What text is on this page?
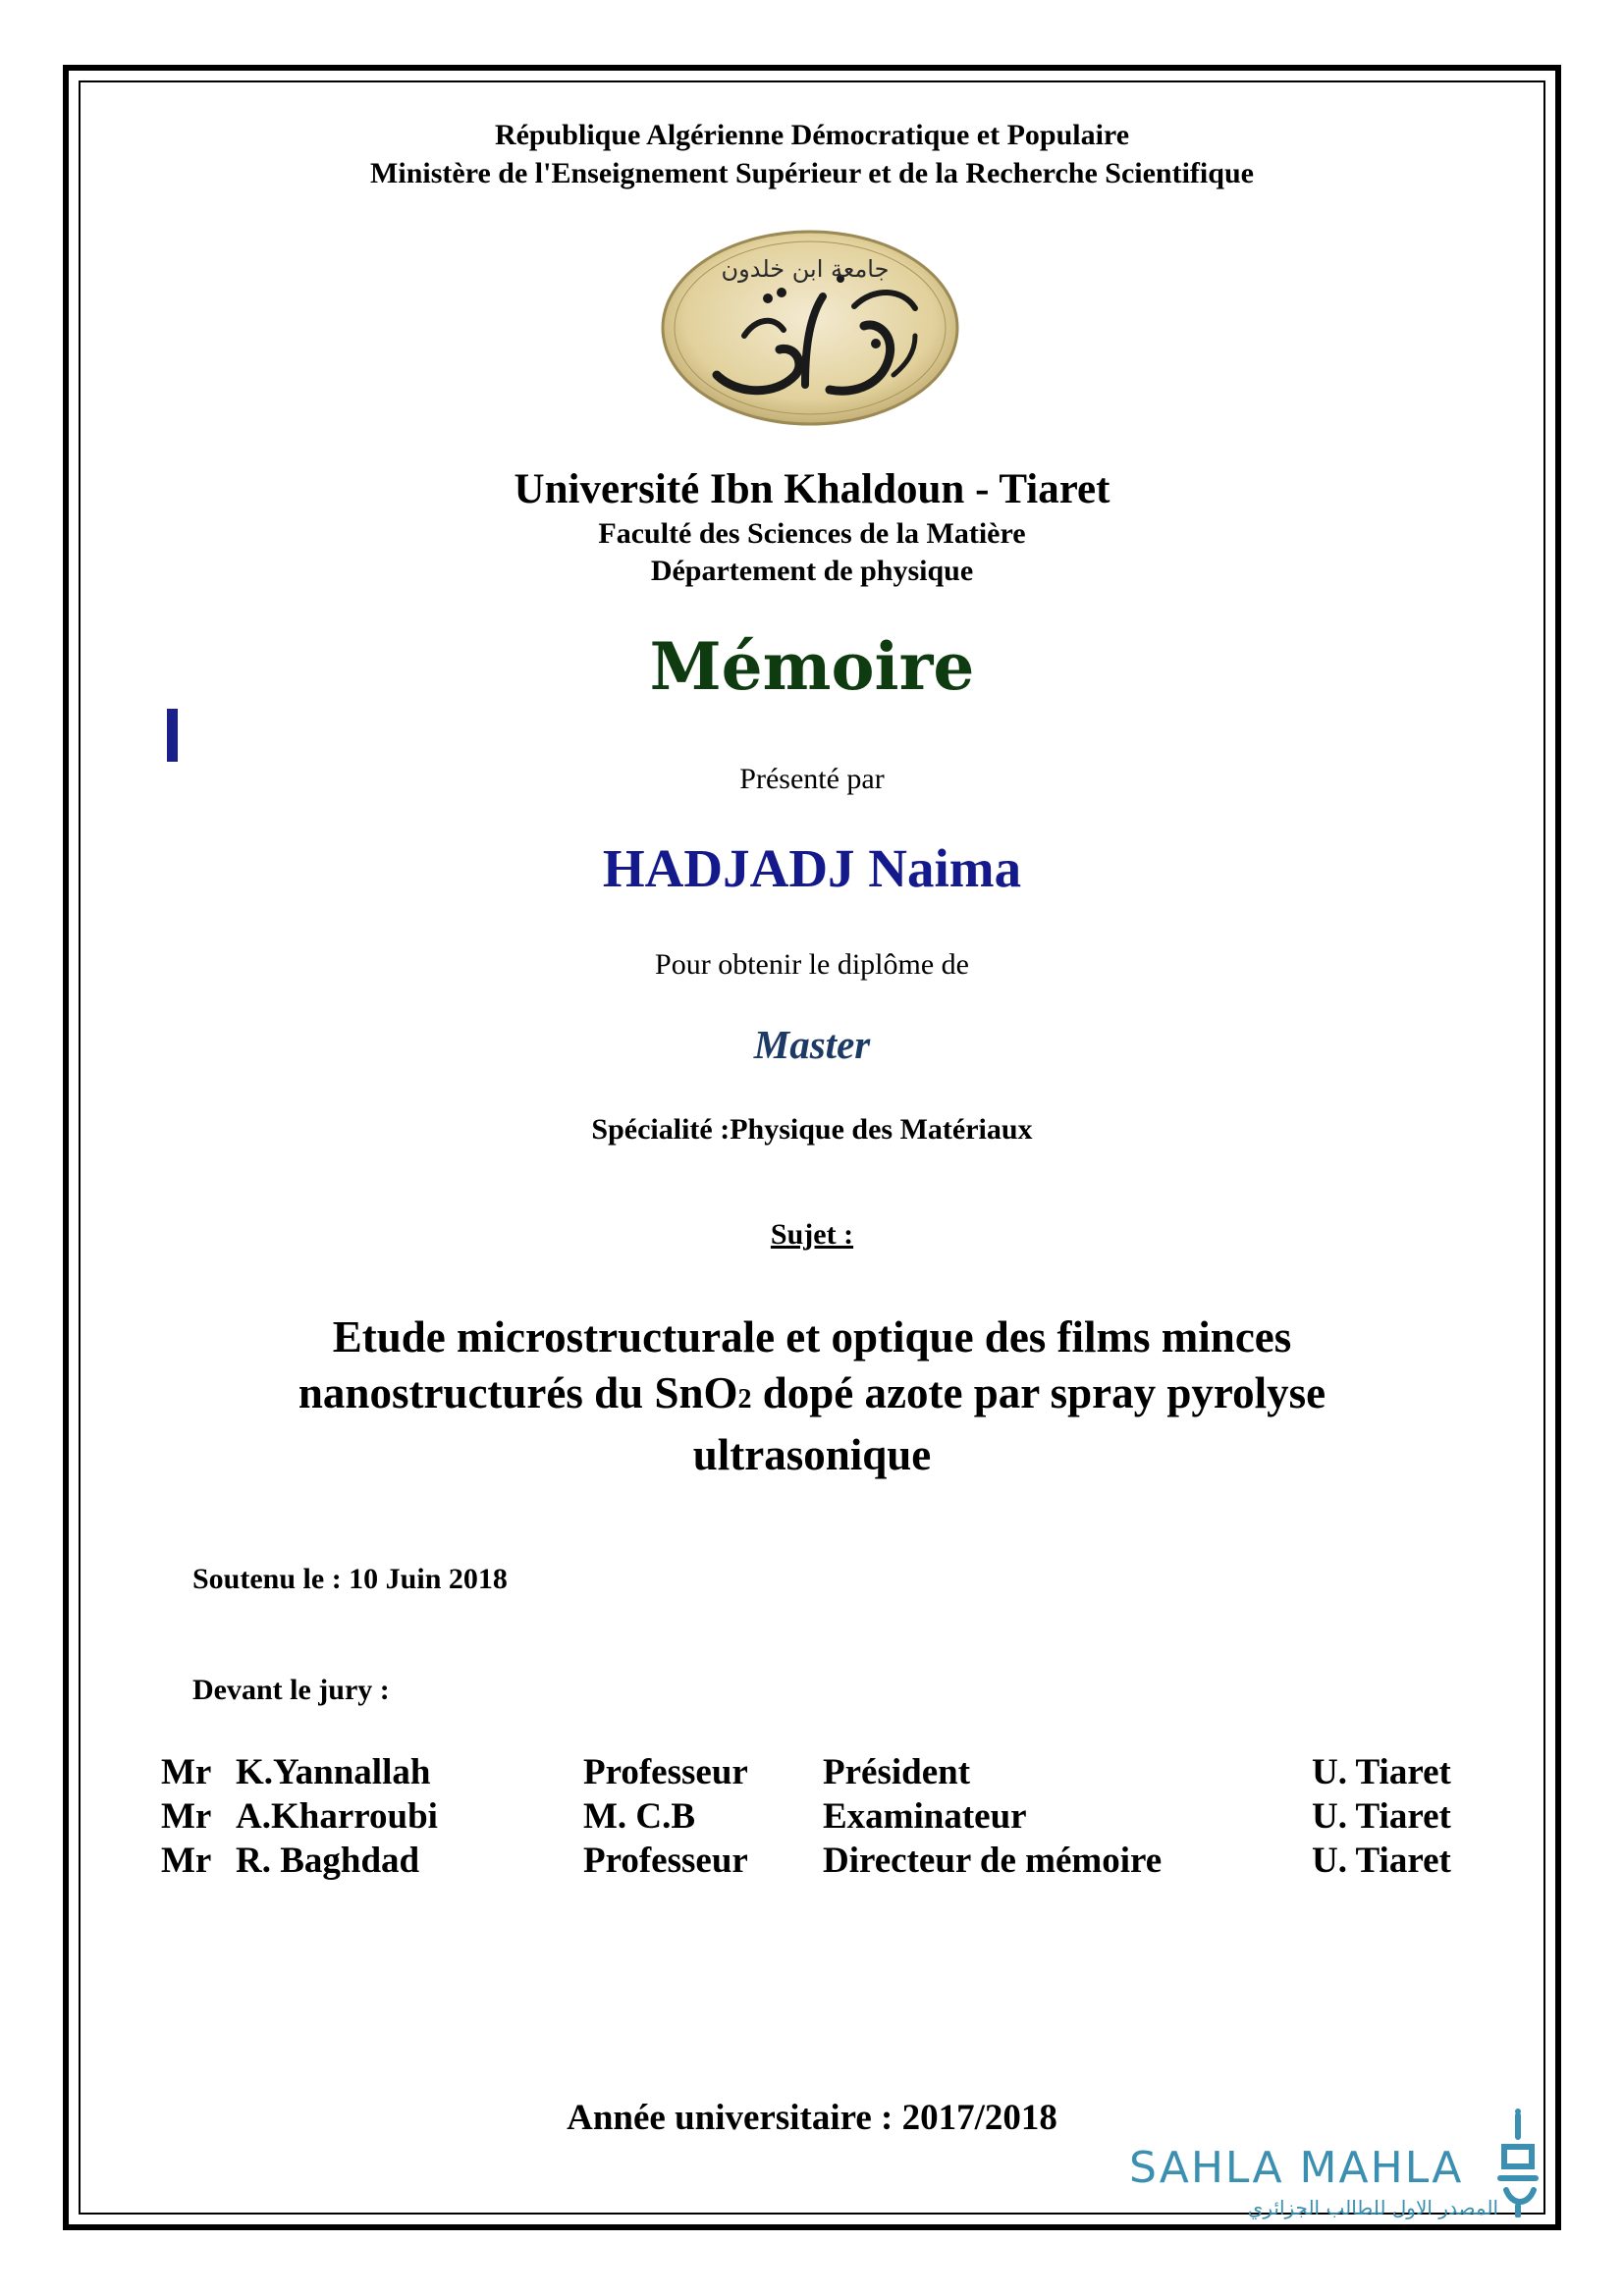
République Algérienne Démocratique et Populaire
Ministère de l'Enseignement Supérieur et de la Recherche Scientifique
جامعة ابن خلدون
Université Ibn Khaldoun - Tiaret
Faculté des Sciences de la Matière
Département de physique
Mémoire
Présenté par
HADJADJ Naima
Pour obtenir le diplôme de
Master
Spécialité :Physique des Matériaux
Sujet :
Etude microstructurale et optique des films minces
nanostructurés du SnO2 dopé azote par spray pyrolyse
ultrasonique
Soutenu le : 10 Juin 2018
Devant le jury :
Mr K.Yannallah	Professeur Président	U. Tiaret
Mr A.Kharroubi	M. C.B	Examinateur	U. Tiaret
Mr R. Baghdad	Professeur Directeur de mémoire	U. Tiaret
Année universitaire : 2017/2018
SAHLA MAHLA
المصدر الاول للطالب الجزائري
